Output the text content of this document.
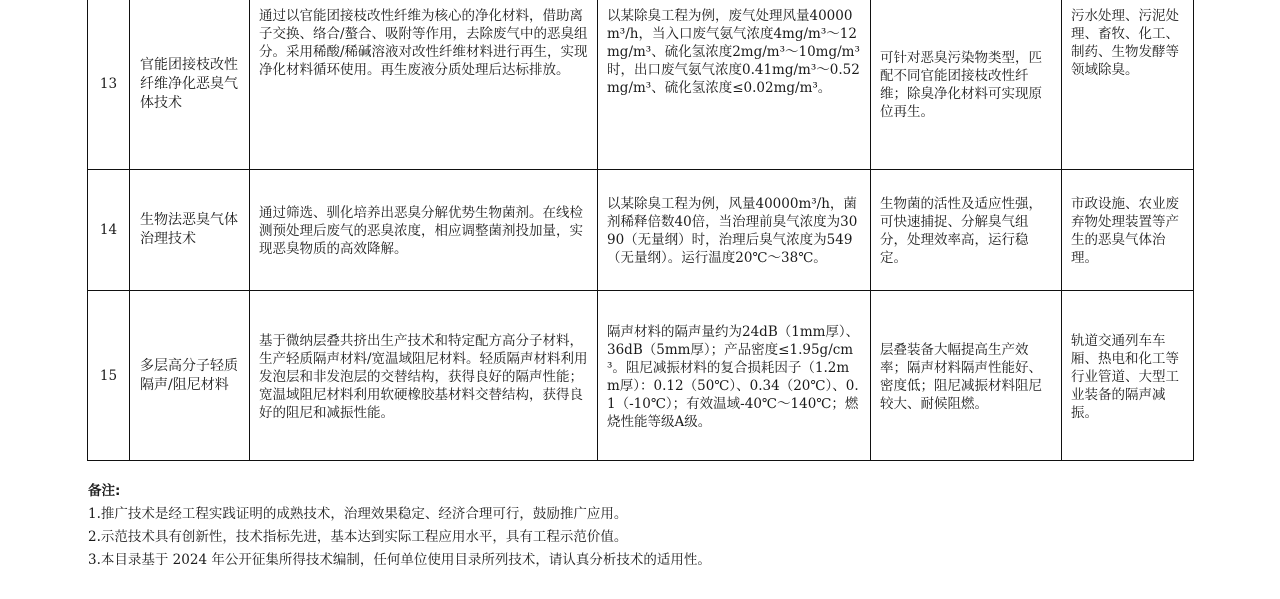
13	官能团接枝改性纤维净化恶臭气体技术	通过以官能团接枝改性纤维为核心的净化材料，借助离子交换、络合/螯合、吸附等作用，去除废气中的恶臭组分。采用稀酸/稀碱溶液对改性纤维材料进行再生，实现净化材料循环使用。再生废液分质处理后达标排放。	以某除臭工程为例，废气处理风量40000m³/h，当入口废气氨气浓度4mg/m³～12mg/m³、硫化氢浓度2mg/m³～10mg/m³时，出口废气氨气浓度0.41mg/m³～0.52mg/m³、硫化氢浓度≤0.02mg/m³。	可针对恶臭污染物类型，匹配不同官能团接枝改性纤维；除臭净化材料可实现原位再生。	污水处理、污泥处理、畜牧、化工、制药、生物发酵等领域除臭。
14	生物法恶臭气体治理技术	通过筛选、驯化培养出恶臭分解优势生物菌剂。在线检测预处理后废气的恶臭浓度，相应调整菌剂投加量，实现恶臭物质的高效降解。	以某除臭工程为例，风量40000m³/h，菌剂稀释倍数40倍，当治理前臭气浓度为3090（无量纲）时，治理后臭气浓度为549（无量纲）。运行温度20℃～38℃。	生物菌的活性及适应性强，可快速捕捉、分解臭气组分，处理效率高，运行稳定。	市政设施、农业废弃物处理装置等产生的恶臭气体治理。
15	多层高分子轻质隔声/阻尼材料	基于微纳层叠共挤出生产技术和特定配方高分子材料，生产轻质隔声材料/宽温域阻尼材料。轻质隔声材料利用发泡层和非发泡层的交替结构，获得良好的隔声性能；宽温域阻尼材料利用软硬橡胶基材料交替结构，获得良好的阻尼和减振性能。	隔声材料的隔声量约为24dB（1mm厚）、36dB（5mm厚）；产品密度≤1.95g/cm³。阻尼减振材料的复合损耗因子（1.2mm厚）：0.12（50℃）、0.34（20℃）、0.1（-10℃）；有效温域-40℃～140℃；燃烧性能等级A级。	层叠装备大幅提高生产效率；隔声材料隔声性能好、密度低；阻尼减振材料阻尼较大、耐候阻燃。	轨道交通列车车厢、热电和化工等行业管道、大型工业装备的隔声减振。
备注:
1.推广技术是经工程实践证明的成熟技术，治理效果稳定、经济合理可行，鼓励推广应用。
2.示范技术具有创新性，技术指标先进，基本达到实际工程应用水平，具有工程示范价值。
3.本目录基于 2024 年公开征集所得技术编制，任何单位使用目录所列技术，请认真分析技术的适用性。
